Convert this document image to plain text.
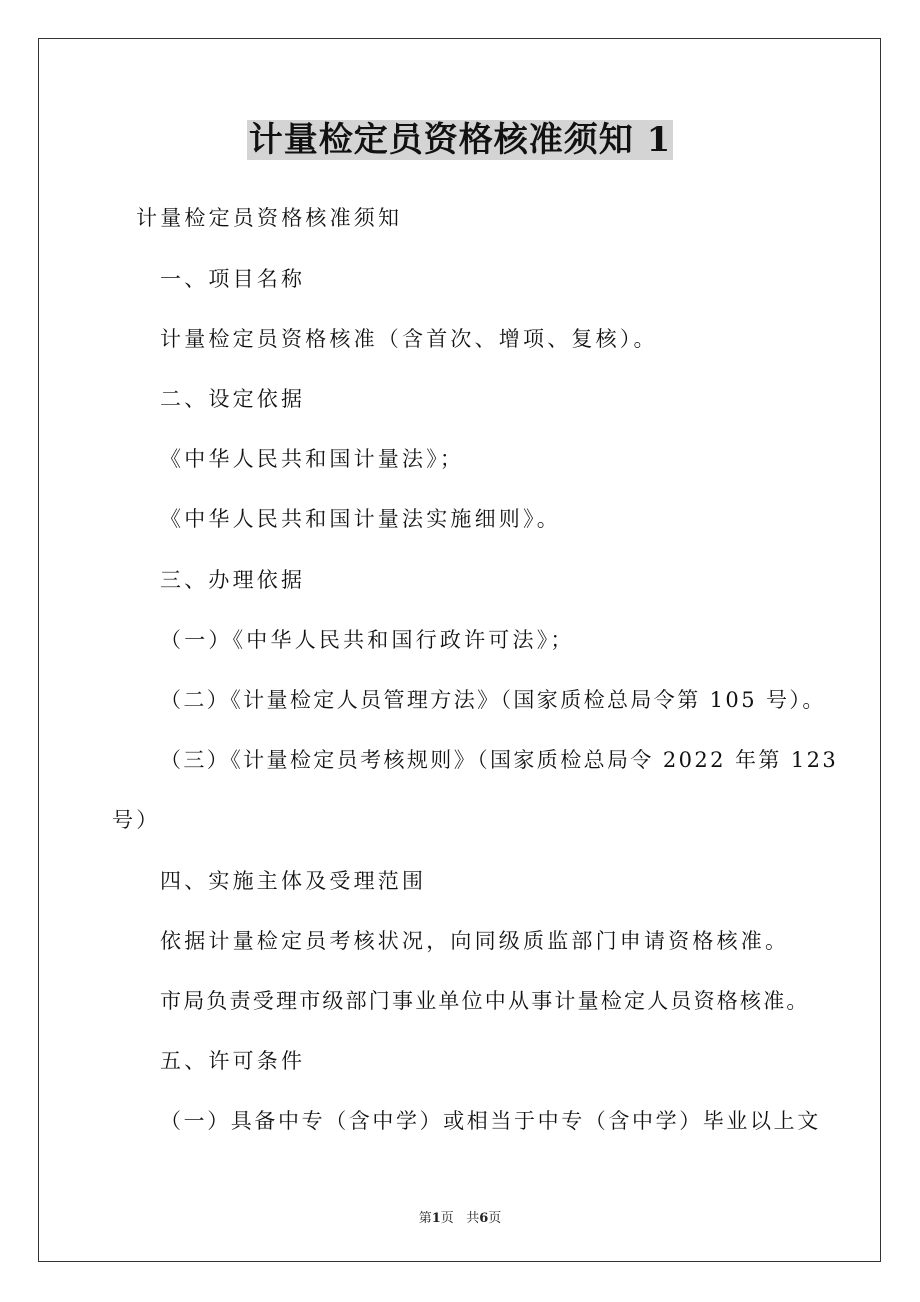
计量检定员资格核准须知 1
计量检定员资格核准须知
一、项目名称
计量检定员资格核准（含首次、增项、复核）。
二、设定依据
《中华人民共和国计量法》；
《中华人民共和国计量法实施细则》。
三、办理依据
（一）《中华人民共和国行政许可法》；
（二）《计量检定人员管理方法》（国家质检总局令第 105 号）。
（三）《计量检定员考核规则》（国家质检总局令 2022 年第 123
号）
四、实施主体及受理范围
依据计量检定员考核状况，向同级质监部门申请资格核准。
市局负责受理市级部门事业单位中从事计量检定人员资格核准。
五、许可条件
（一）具备中专（含中学）或相当于中专（含中学）毕业以上文
第1页 共6页
